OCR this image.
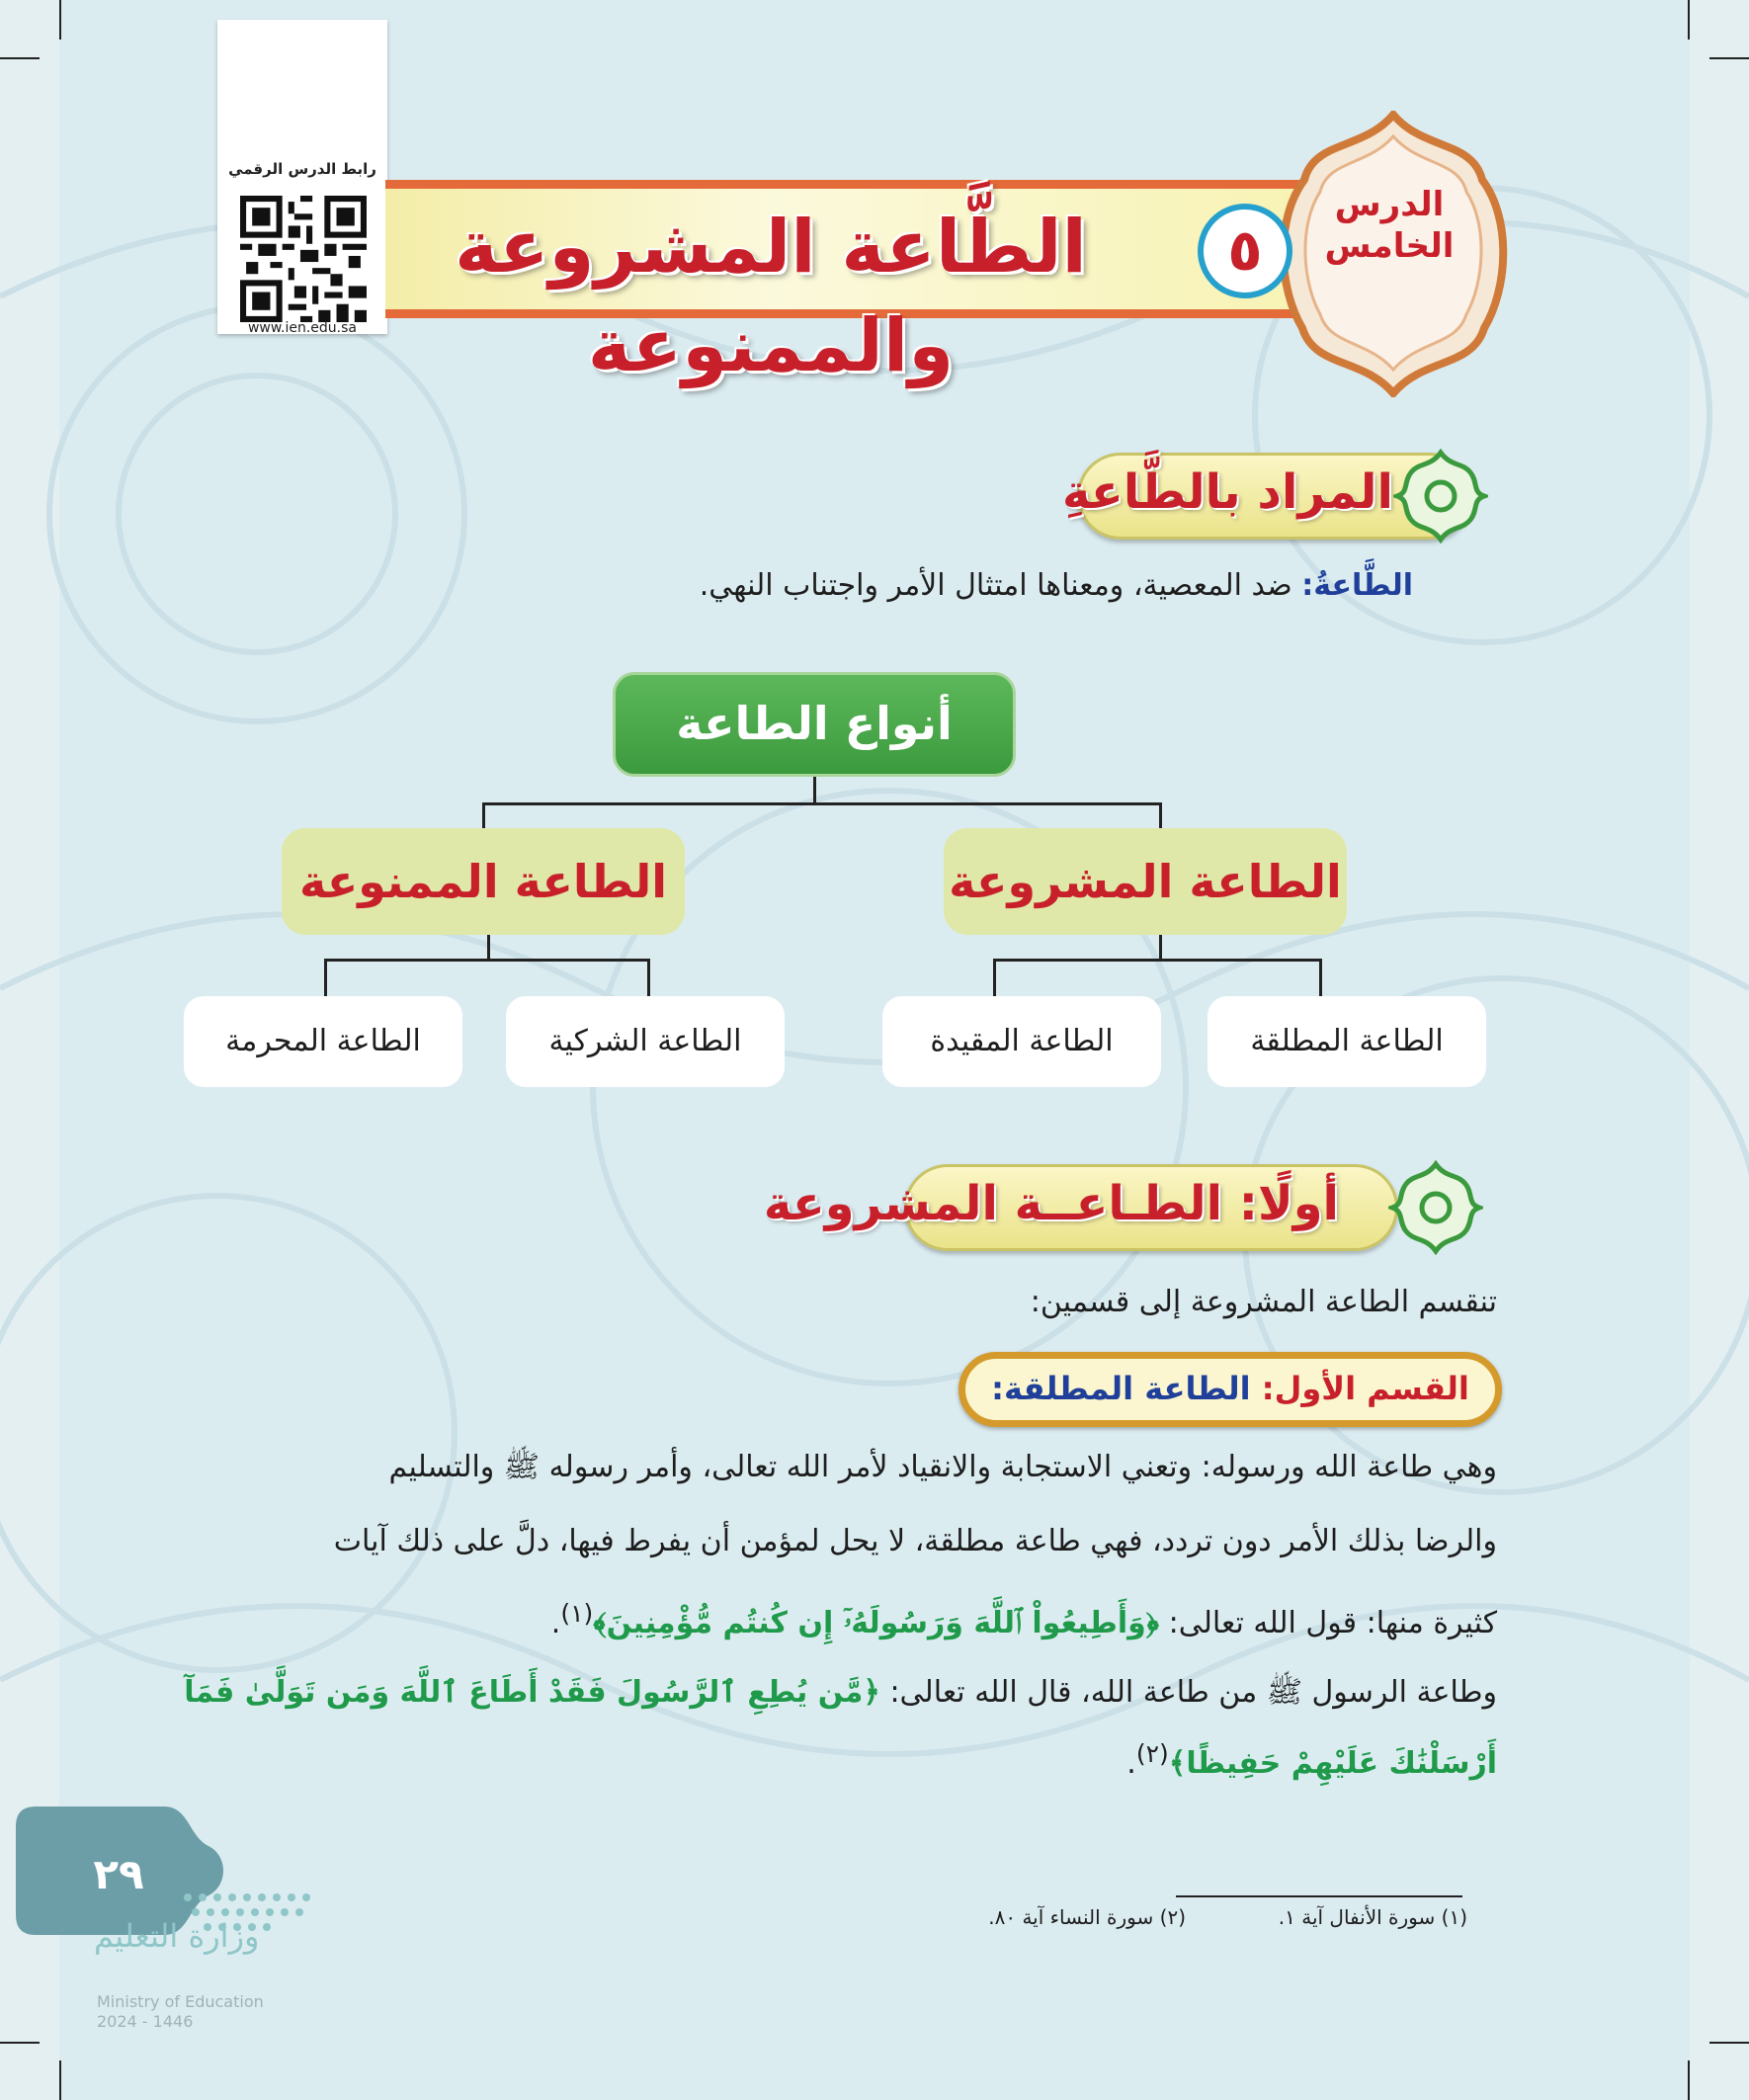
رابط الدرس الرقمي
www.ien.edu.sa
الطَّاعة المشروعة والممنوعة
الدرس
الخامس
٥
المراد بالطَّاعةِ
الطَّاعةُ: ضد المعصية، ومعناها امتثال الأمر واجتناب النهي.
أنواع الطاعة
الطاعة المشروعة
الطاعة الممنوعة
الطاعة المطلقة
الطاعة المقيدة
الطاعة الشركية
الطاعة المحرمة
أولًا: الطـاعــة المشروعة
تنقسم الطاعة المشروعة إلى قسمين:
القسم الأول: الطاعة المطلقة:
وهي طاعة الله ورسوله: وتعني الاستجابة والانقياد لأمر الله تعالى، وأمر رسوله ﷺ والتسليم
والرضا بذلك الأمر دون تردد، فهي طاعة مطلقة، لا يحل لمؤمن أن يفرط فيها، دلَّ على ذلك آيات
كثيرة منها: قول الله تعالى: ﴿وَأَطِيعُواْ ٱللَّهَ وَرَسُولَهُۥٓ إِن كُنتُم مُّؤْمِنِينَ﴾$^{(١)}$.
وطاعة الرسول ﷺ من طاعة الله، قال الله تعالى: ﴿مَّن يُطِعِ ٱلرَّسُولَ فَقَدْ أَطَاعَ ٱللَّهَ وَمَن تَوَلَّىٰ فَمَآ
أَرْسَلْنَٰكَ عَلَيْهِمْ حَفِيظًا﴾$^{(٢)}$.
(١) سورة الأنفال آية ١.
(٢) سورة النساء آية ٨٠.
٢٩
وزارة التعليم
Ministry of Education
2024 - 1446
